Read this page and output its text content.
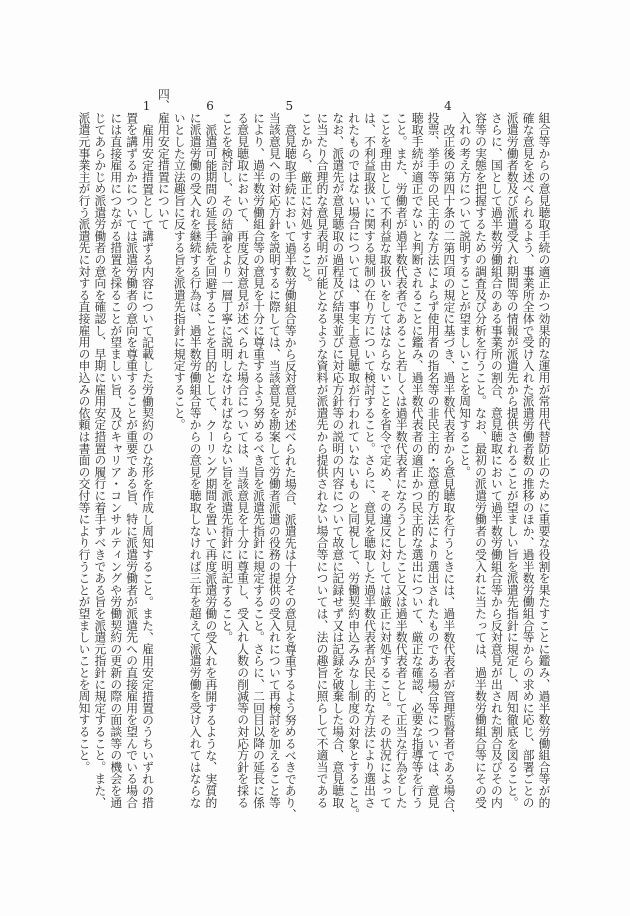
組合等からの意見聴取手続の適正かつ効果的な運用が常用代替防止のために重要な役割を果たすことに鑑み、過半数労働組合等が的
確な意見を述べられるよう、事業所全体で受け入れた派遣労働者数の推移のほか、過半数労働組合等からの求めに応じ、部署ごとの
派遣労働者数及び派遣受入れ期間等の情報が派遣先から提供されることが望ましい旨を派遣先指針に規定し、周知徹底を図ること。
さらに、国として過半数労働組合のある事業所の割合、意見聴取において過半数労働組合等から反対意見が出された割合及びその内
容等の実態を把握するための調査及び分析を行うこと。なお、最初の派遣労働者の受入れに当たっては、過半数労働組合等にその受
入れの考え方について説明することが望ましいことを周知すること。
4
改正後の第四十条の二第四項の規定に基づき、過半数代表者から意見聴取を行うときには、過半数代表者が管理監督者である場合、
投票、挙手等の民主的な方法によらず使用者の指名等の非民主的・恣意的方法により選出されたものである場合等については、意見
聴取手続が適正でないと判断されることに鑑み、過半数代表者の適正かつ民主的な選出について、厳正な確認、必要な指導等を行う
こと。また、労働者が過半数代表者であること若しくは過半数代表者になろうとしたこと又は過半数代表者として正当な行為をした
ことを理由として不利益な取扱いをしてはならないことを省令で定め、その違反に対しては厳正に対処すること。その状況によって
は、不利益取扱いに関する規制の在り方について検討すること。さらに、意見を聴取した過半数代表者が民主的な方法により選出さ
れたものではない場合については、事実上意見聴取が行われていないものと同視して、労働契約申込みみなし制度の対象とすること。
なお、派遣先が意見聴取の過程及び結果並びに対応方針等の説明の内容について故意に記録せず又は記録を破棄した場合、意見聴取
に当たり合理的な意見表明が可能となるような資料が派遣先から提供されない場合等については、法の趣旨に照らして不適当である
ことから、厳正に対処すること。
5
意見聴取手続において過半数労働組合等から反対意見が述べられた場合、派遣先は十分その意見を尊重するよう努めるべきであり、
当該意見への対応方針を説明するに際しては、当該意見を勘案して労働者派遣の役務の提供の受入れについて再検討を加えること等
により、過半数労働組合等の意見を十分に尊重するよう努めるべき旨を派遣先指針に規定すること。さらに、二回目以降の延長に係
る意見聴取において、再度反対意見が述べられた場合については、当該意見を十分に尊重し、受入れ人数の削減等の対応方針を採る
ことを検討し、その結論をより一層丁寧に説明しなければならない旨を派遣先指針に明記すること。
6
派遣可能期間の延長手続を回避することを目的として、クーリング期間を置いて再度派遣労働の受入れを再開するような、実質的
に派遣労働の受入れを継続する行為は、過半数労働組合等からの意見を聴取しなければ三年を超えて派遣労働を受け入れてはならな
いとした立法趣旨に反する旨を派遣先指針に規定すること。
四、
雇用安定措置について
1
雇用安定措置として講ずる内容について記載した労働契約のひな形を作成し周知すること。また、雇用安定措置のうちいずれの措
置を講ずるかについては派遣労働者の意向を尊重することが重要である旨、特に派遣労働者が派遣先への直接雇用を望んでいる場合
には直接雇用につながる措置を採ることが望ましい旨、及びキャリア・コンサルティングや労働契約の更新の際の面談等の機会を通
じてあらかじめ派遣労働者の意向を確認し、早期に雇用安定措置の履行に着手すべきである旨を派遣元指針に規定すること。また、
派遣元事業主が行う派遣先に対する直接雇用の申込みの依頼は書面の交付等により行うことが望ましいことを周知すること。
